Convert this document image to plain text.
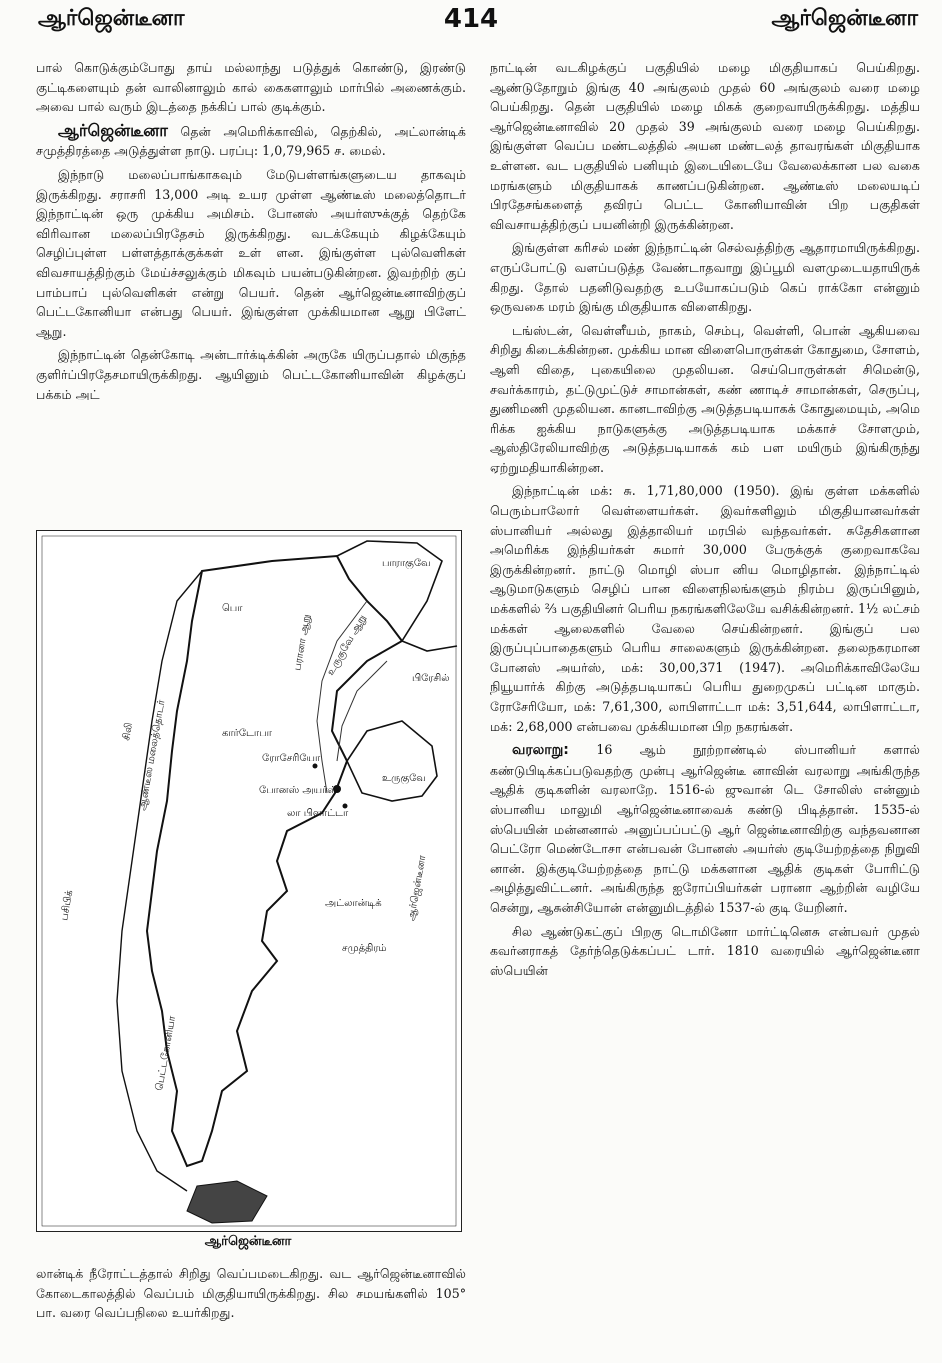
ஆர்ஜென்டீனா	414	ஆர்ஜென்டீனா

பால் கொடுக்கும்போது தாய் மல்லாந்து படுத்துக் கொண்டு, இரண்டு குட்டிகளையும் தன் வாலினாலும் கால் கைகளாலும் மார்பில் அணைக்கும். அவை பால் வரும் இடத்தை நக்கிப் பால் குடிக்கும்.

ஆர்ஜென்டீனா தென் அமெரிக்காவில், தெற்கில், அட்லான்டிக் சமுத்திரத்தை அடுத்துள்ள நாடு. பரப்பு: 1,0,79,965 ச. மைல்.

இந்நாடு மலைப்பாங்காகவும் மேடுபள்ளங்களுடைய தாகவும் இருக்கிறது. சராசரி 13,000 அடி உயர முள்ள ஆண்டீஸ் மலைத்தொடர் இந்நாட்டின் ஒரு முக்கிய அமிசம். போனஸ் அயர்ஸுக்குத் தெற்கே விரிவான மலைப்பிரதேசம் இருக்கிறது. வடக்கேயும் கிழக்கேயும் செழிப்புள்ள பள்ளத்தாக்குக்கள் உள் ளன. இங்குள்ள புல்வெளிகள் விவசாயத்திற்கும் மேய்ச்சலுக்கும் மிகவும் பயன்படுகின்றன. இவற்றிற் குப் பாம்பாப் புல்வெளிகள் என்று பெயர். தென் ஆர்ஜென்டீனாவிற்குப் பெட்டகோனியா என்பது பெயர். இங்குள்ள முக்கியமான ஆறு பிளேட் ஆறு.

இந்நாட்டின் தென்கோடி அன்டார்க்டிக்கின் அருகே யிருப்பதால் மிகுந்த குளிர்ப்பிரதேசமாயிருக்கிறது. ஆயினும் பெட்டகோனியாவின் கிழக்குப் பக்கம் அட்

பொ
பாராகுவே
பிரேசில்
உருகுவே
ஆர்ஜென்டீனா
ரோசேரியோ
கார்டோபா
போனஸ் அயர்ஸ்
லா பிளாட்டா
பரானா ஆறு உருகுவே ஆறு
அட்லான்டிக்
சமுத்திரம்
சிலி ஆண்டீஸ் மலைத்தொடர்
பசிபிக்
பெட்டகோனியா
ஆர்ஜென்டீனா

லான்டிக் நீரோட்டத்தால் சிறிது வெப்பமடைகிறது. வட ஆர்ஜென்டீனாவில் கோடைகாலத்தில் வெப்பம் மிகுதியாயிருக்கிறது. சில சமயங்களில் 105° பா. வரை வெப்பநிலை உயர்கிறது.

நாட்டின் வடகிழக்குப் பகுதியில் மழை மிகுதியாகப் பெய்கிறது. ஆண்டுதோறும் இங்கு 40 அங்குலம் முதல் 60 அங்குலம் வரை மழை பெய்கிறது. தென் பகுதியில் மழை மிகக் குறைவாயிருக்கிறது. மத்திய ஆர்ஜென்டீனாவில் 20 முதல் 39 அங்குலம் வரை மழை பெய்கிறது. இங்குள்ள வெப்ப மண்டலத்தில் அயன மண்டலத் தாவரங்கள் மிகுதியாக உள்ளன. வட பகுதியில் பனியும் இடையிடையே வேலைக்கான பல வகை மரங்களும் மிகுதியாகக் காணப்படுகின்றன. ஆண்டீஸ் மலையடிப் பிரதேசங்களைத் தவிரப் பெட்ட கோனியாவின் பிற பகுதிகள் விவசாயத்திற்குப் பயனின்றி இருக்கின்றன.

இங்குள்ள கரிசல் மண் இந்நாட்டின் செல்வத்திற்கு ஆதாரமாயிருக்கிறது. எருப்போட்டு வளப்படுத்த வேண்டாதவாறு இப்பூமி வளமுடையதாயிருக் கிறது. தோல் பதனிடுவதற்கு உபயோகப்படும் கெப் ராக்கோ என்னும் ஒருவகை மரம் இங்கு மிகுதியாக விளைகிறது.

டங்ஸ்டன், வெள்ளீயம், நாகம், செம்பு, வெள்ளி, பொன் ஆகியவை சிறிது கிடைக்கின்றன. முக்கிய மான விளைபொருள்கள் கோதுமை, சோளம், ஆளி விதை, புகையிலை முதலியன. செய்பொருள்கள் சிமென்டு, சவர்க்காரம், தட்டுமுட்டுச் சாமான்கள், கண் ணாடிச் சாமான்கள், செருப்பு, துணிமணி முதலியன. கானடாவிற்கு அடுத்தபடியாகக் கோதுமையும், அமெ ரிக்க ஐக்கிய நாடுகளுக்கு அடுத்தபடியாக மக்காச் சோளமும், ஆஸ்திரேலியாவிற்கு அடுத்தபடியாகக் கம் பள மயிரும் இங்கிருந்து ஏற்றுமதியாகின்றன.

இந்நாட்டின் மக்: சு. 1,71,80,000 (1950). இங் குள்ள மக்களில் பெரும்பாலோர் வெள்ளையர்கள். இவர்களிலும் மிகுதியானவர்கள் ஸ்பானியர் அல்லது இத்தாலியர் மரபில் வந்தவர்கள். சுதேசிகளான அமெரிக்க இந்தியர்கள் சுமார் 30,000 பேருக்குக் குறைவாகவே இருக்கின்றனர். நாட்டு மொழி ஸ்பா னிய மொழிதான். இந்நாட்டில் ஆடுமாடுகளும் செழிப் பான விளைநிலங்களும் நிரம்ப இருப்பினும், மக்களில் ⅔ பகுதியினர் பெரிய நகரங்களிலேயே வசிக்கின்றனர். 1½ லட்சம் மக்கள் ஆலைகளில் வேலை செய்கின்றனர். இங்குப் பல இருப்புப்பாதைகளும் பெரிய சாலைகளும் இருக்கின்றன. தலைநகரமான போனஸ் அயர்ஸ், மக்: 30,00,371 (1947). அமெரிக்காவிலேயே நியூயார்க் கிற்கு அடுத்தபடியாகப் பெரிய துறைமுகப் பட்டின மாகும். ரோசேரியோ, மக்: 7,61,300, லாபிளாட்டா மக்: 3,51,644, லாபிளாட்டா, மக்: 2,68,000 என்பவை முக்கியமான பிற நகரங்கள்.

வரலாறு: 16 ஆம் நூற்றாண்டில் ஸ்பானியர் களால் கண்டுபிடிக்கப்படுவதற்கு முன்பு ஆர்ஜென்டீ னாவின் வரலாறு அங்கிருந்த ஆதிக் குடிகளின் வரலாறே. 1516-ல் ஜுவான் டெ சோலிஸ் என்னும் ஸ்பானிய மாலுமி ஆர்ஜென்டீனாவைக் கண்டு பிடித்தான். 1535-ல் ஸ்பெயின் மன்னனால் அனுப்பப்பட்டு ஆர் ஜென்டீனாவிற்கு வந்தவனான பெட்ரோ மெண்டோசா என்பவன் போனஸ் அயர்ஸ் குடியேற்றத்தை நிறுவி னான். இக்குடியேற்றத்தை நாட்டு மக்களான ஆதிக் குடிகள் போரிட்டு அழித்துவிட்டனர். அங்கிருந்த ஐரோப்பியர்கள் பரானா ஆற்றின் வழியே சென்று, ஆசுன்சியோன் என்னுமிடத்தில் 1537-ல் குடி யேறினர்.

சில ஆண்டுகட்குப் பிறகு டொமினோ மார்ட்டினெசு என்பவர் முதல் கவர்னராகத் தேர்ந்தெடுக்கப்பட் டார். 1810 வரையில் ஆர்ஜென்டீனா ஸ்பெயின்
